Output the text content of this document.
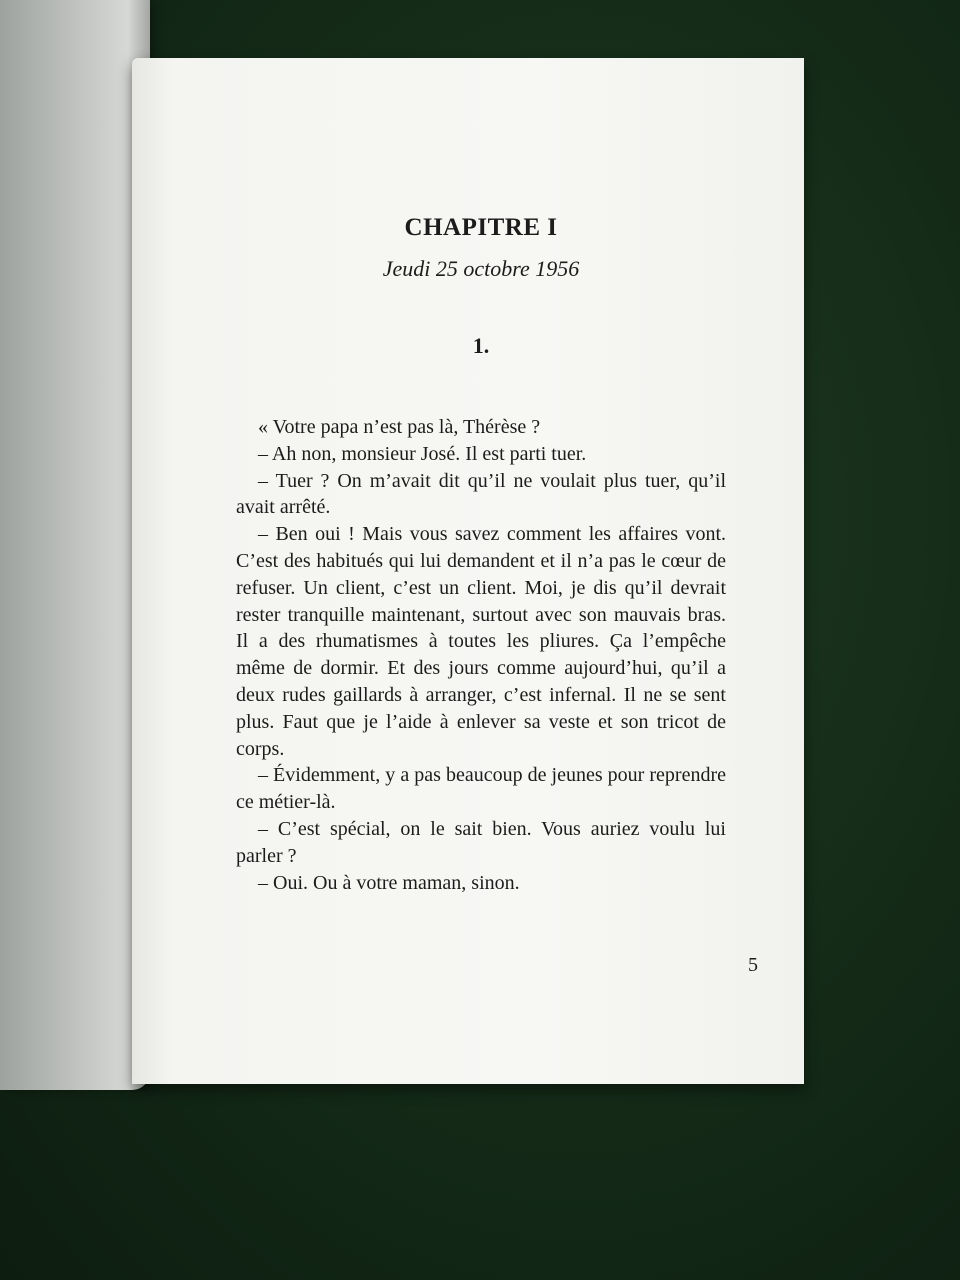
CHAPITRE I
Jeudi 25 octobre 1956
1.

« Votre papa n’est pas là, Thérèse ?

– Ah non, monsieur José. Il est parti tuer.

– Tuer ? On m’avait dit qu’il ne voulait plus tuer, qu’il avait arrêté.

– Ben oui ! Mais vous savez comment les affaires vont. C’est des habitués qui lui demandent et il n’a pas le cœur de refuser. Un client, c’est un client. Moi, je dis qu’il devrait rester tranquille maintenant, surtout avec son mauvais bras. Il a des rhumatismes à toutes les pliures. Ça l’empêche même de dormir. Et des jours comme aujourd’hui, qu’il a deux rudes gaillards à arranger, c’est infernal. Il ne se sent plus. Faut que je l’aide à enlever sa veste et son tricot de corps.

– Évidemment, y a pas beaucoup de jeunes pour reprendre ce métier-là.

– C’est spécial, on le sait bien. Vous auriez voulu lui parler ?

– Oui. Ou à votre maman, sinon.

5
